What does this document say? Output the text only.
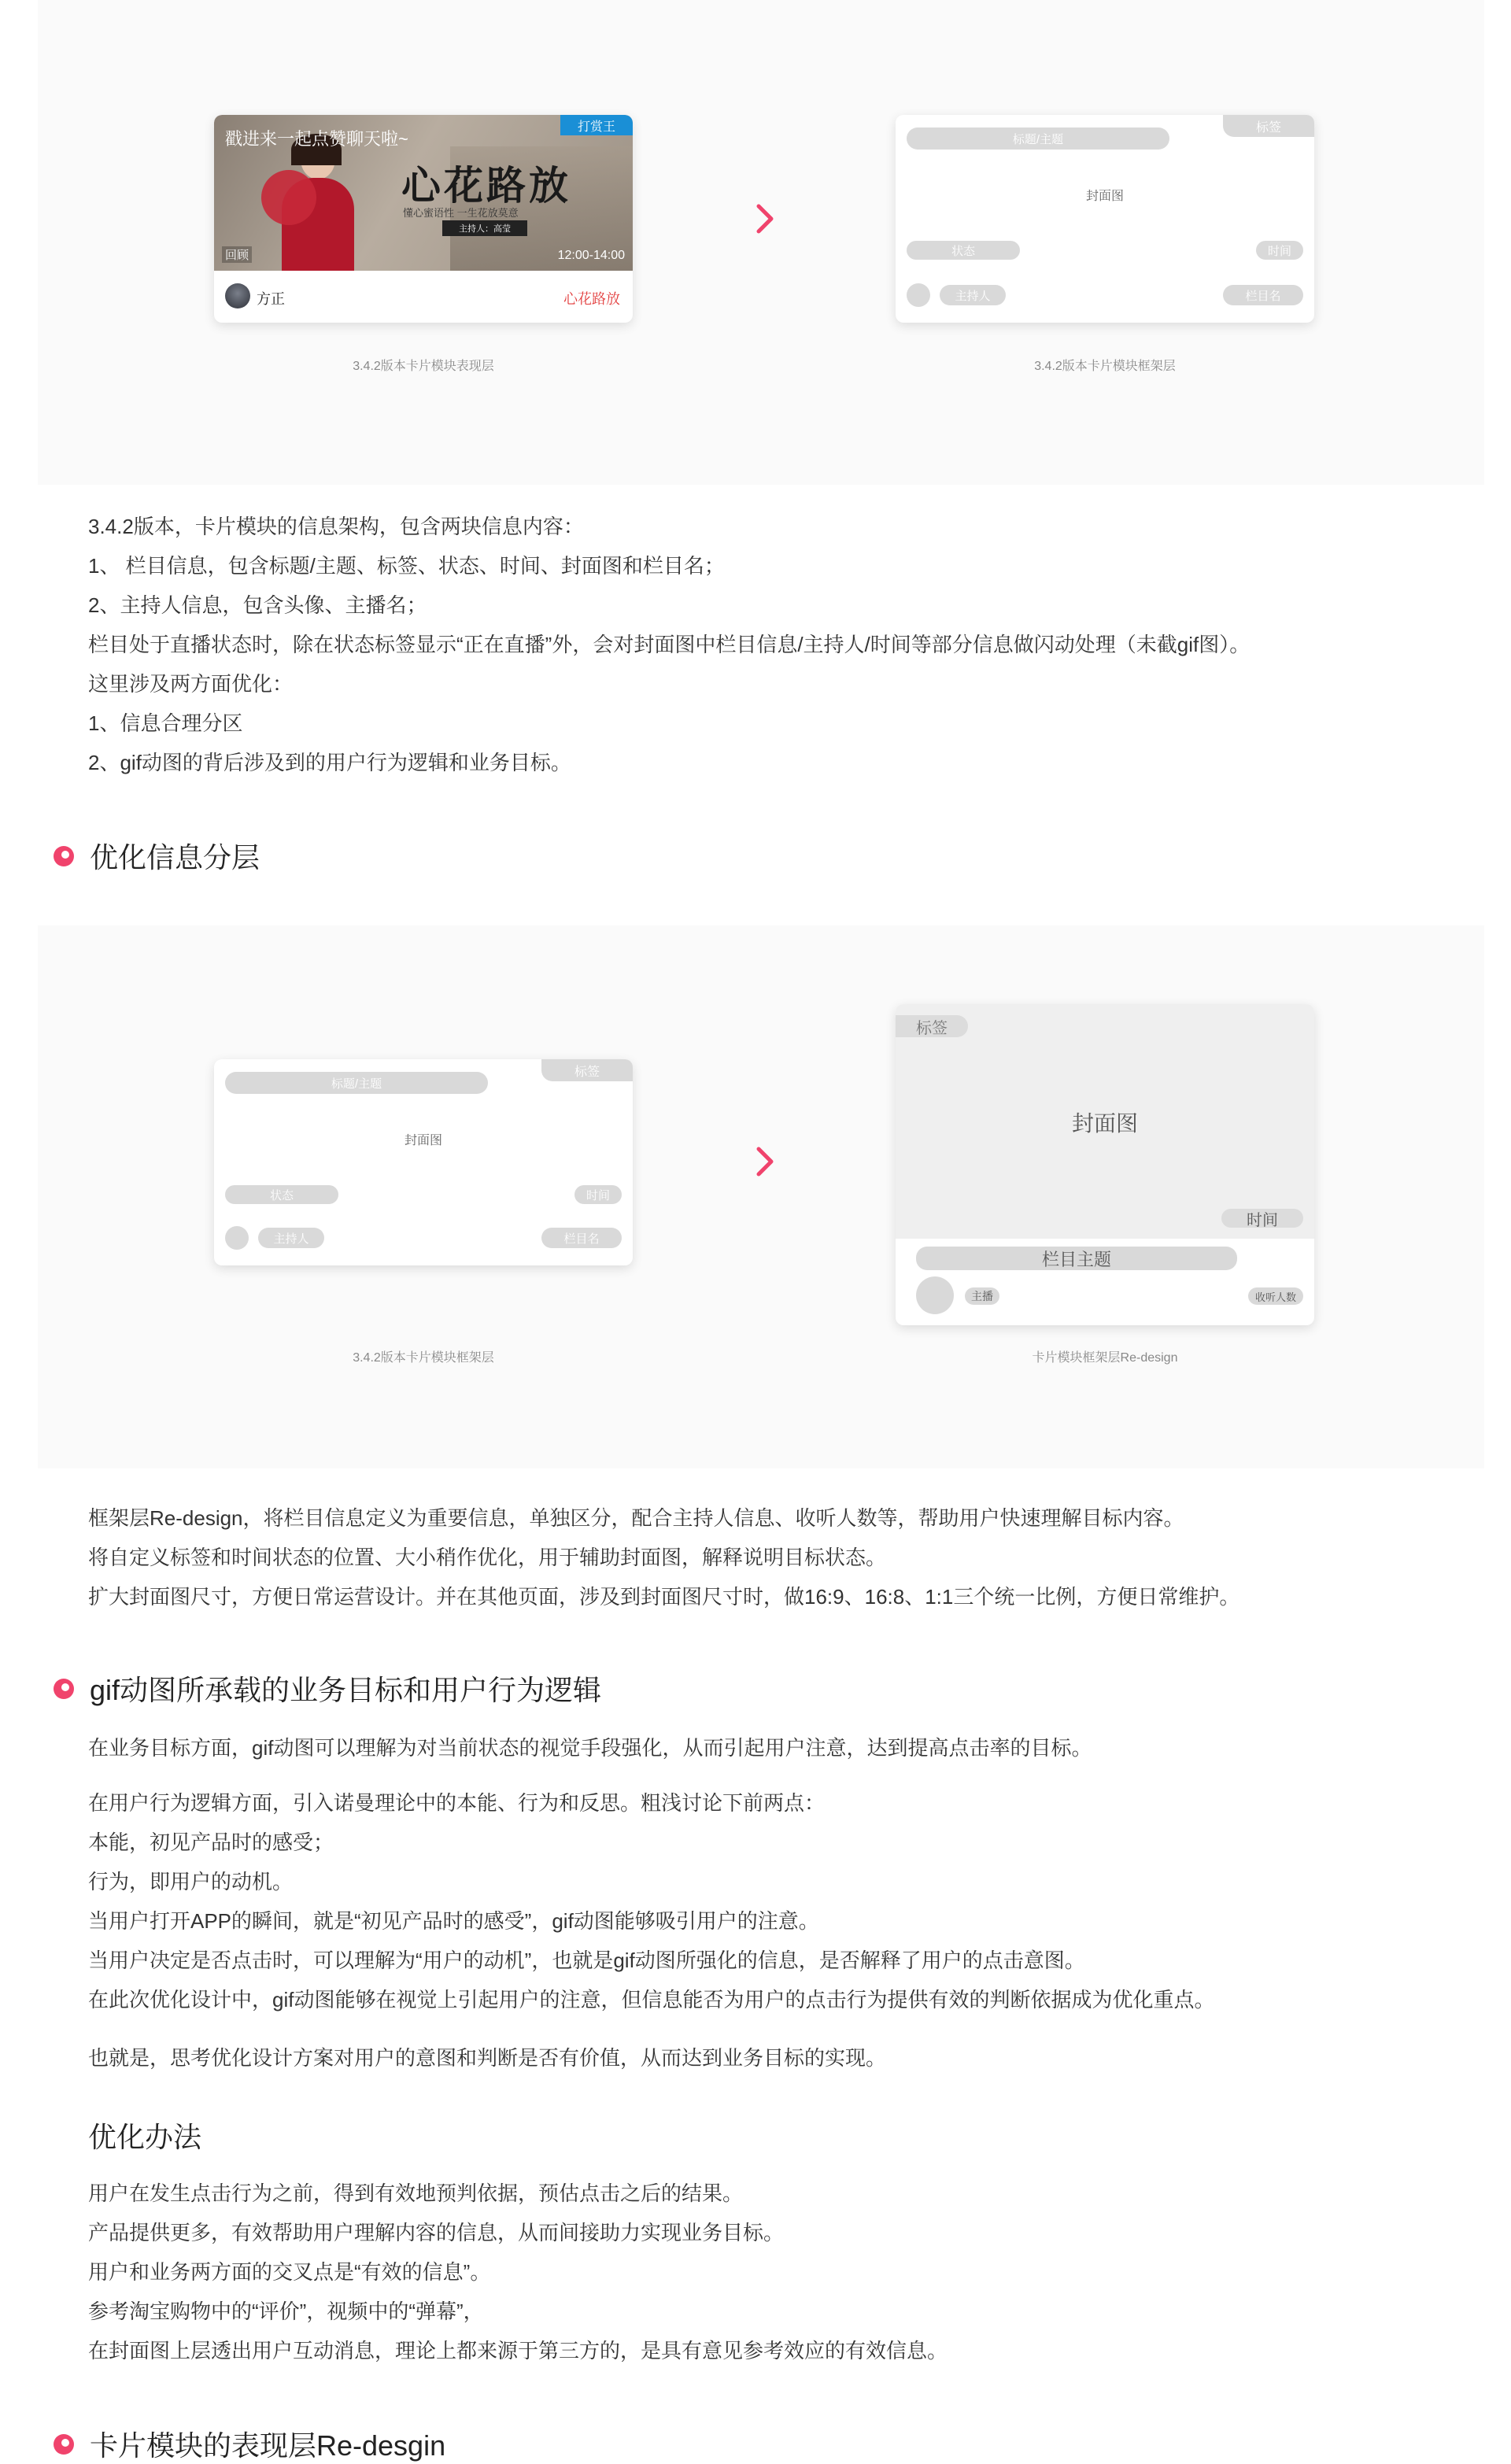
戳进来一起点赞聊天啦~
打赏王
心花路放
懂心蜜语性 一生花放莫意
主持人：高莹
12:00-14:00
回顾
方正	心花路放
3.4.2版本卡片模块表现层
标题/主题
标签
封面图
状态	时间
主持人	栏目名
3.4.2版本卡片模块框架层

3.4.2版本，卡片模块的信息架构，包含两块信息内容：

1、 栏目信息，包含标题/主题、标签、状态、时间、封面图和栏目名；

2、主持人信息，包含头像、主播名；

栏目处于直播状态时，除在状态标签显示“正在直播”外，会对封面图中栏目信息/主持人/时间等部分信息做闪动处理（未截gif图）。

这里涉及两方面优化：

1、信息合理分区

2、gif动图的背后涉及到的用户行为逻辑和业务目标。

优化信息分层
标题/主题
标签
封面图
状态	时间
主持人	栏目名
3.4.2版本卡片模块框架层
标签
封面图
时间
栏目主题
主播	收听人数
卡片模块框架层Re-design

框架层Re-design，将栏目信息定义为重要信息，单独区分，配合主持人信息、收听人数等，帮助用户快速理解目标内容。

将自定义标签和时间状态的位置、大小稍作优化，用于辅助封面图，解释说明目标状态。

扩大封面图尺寸，方便日常运营设计。并在其他页面，涉及到封面图尺寸时，做16:9、16:8、1:1三个统一比例，方便日常维护。

gif动图所承载的业务目标和用户行为逻辑

在业务目标方面，gif动图可以理解为对当前状态的视觉手段强化，从而引起用户注意，达到提高点击率的目标。

在用户行为逻辑方面，引入诺曼理论中的本能、行为和反思。粗浅讨论下前两点：

本能，初见产品时的感受；

行为，即用户的动机。

当用户打开APP的瞬间，就是“初见产品时的感受”，gif动图能够吸引用户的注意。

当用户决定是否点击时，可以理解为“用户的动机”，也就是gif动图所强化的信息，是否解释了用户的点击意图。

在此次优化设计中，gif动图能够在视觉上引起用户的注意，但信息能否为用户的点击行为提供有效的判断依据成为优化重点。

也就是，思考优化设计方案对用户的意图和判断是否有价值，从而达到业务目标的实现。

优化办法

用户在发生点击行为之前，得到有效地预判依据，预估点击之后的结果。

产品提供更多，有效帮助用户理解内容的信息，从而间接助力实现业务目标。

用户和业务两方面的交叉点是“有效的信息”。

参考淘宝购物中的“评价”，视频中的“弹幕”，

在封面图上层透出用户互动消息，理论上都来源于第三方的，是具有意见参考效应的有效信息。

卡片模块的表现层Re-desgin
